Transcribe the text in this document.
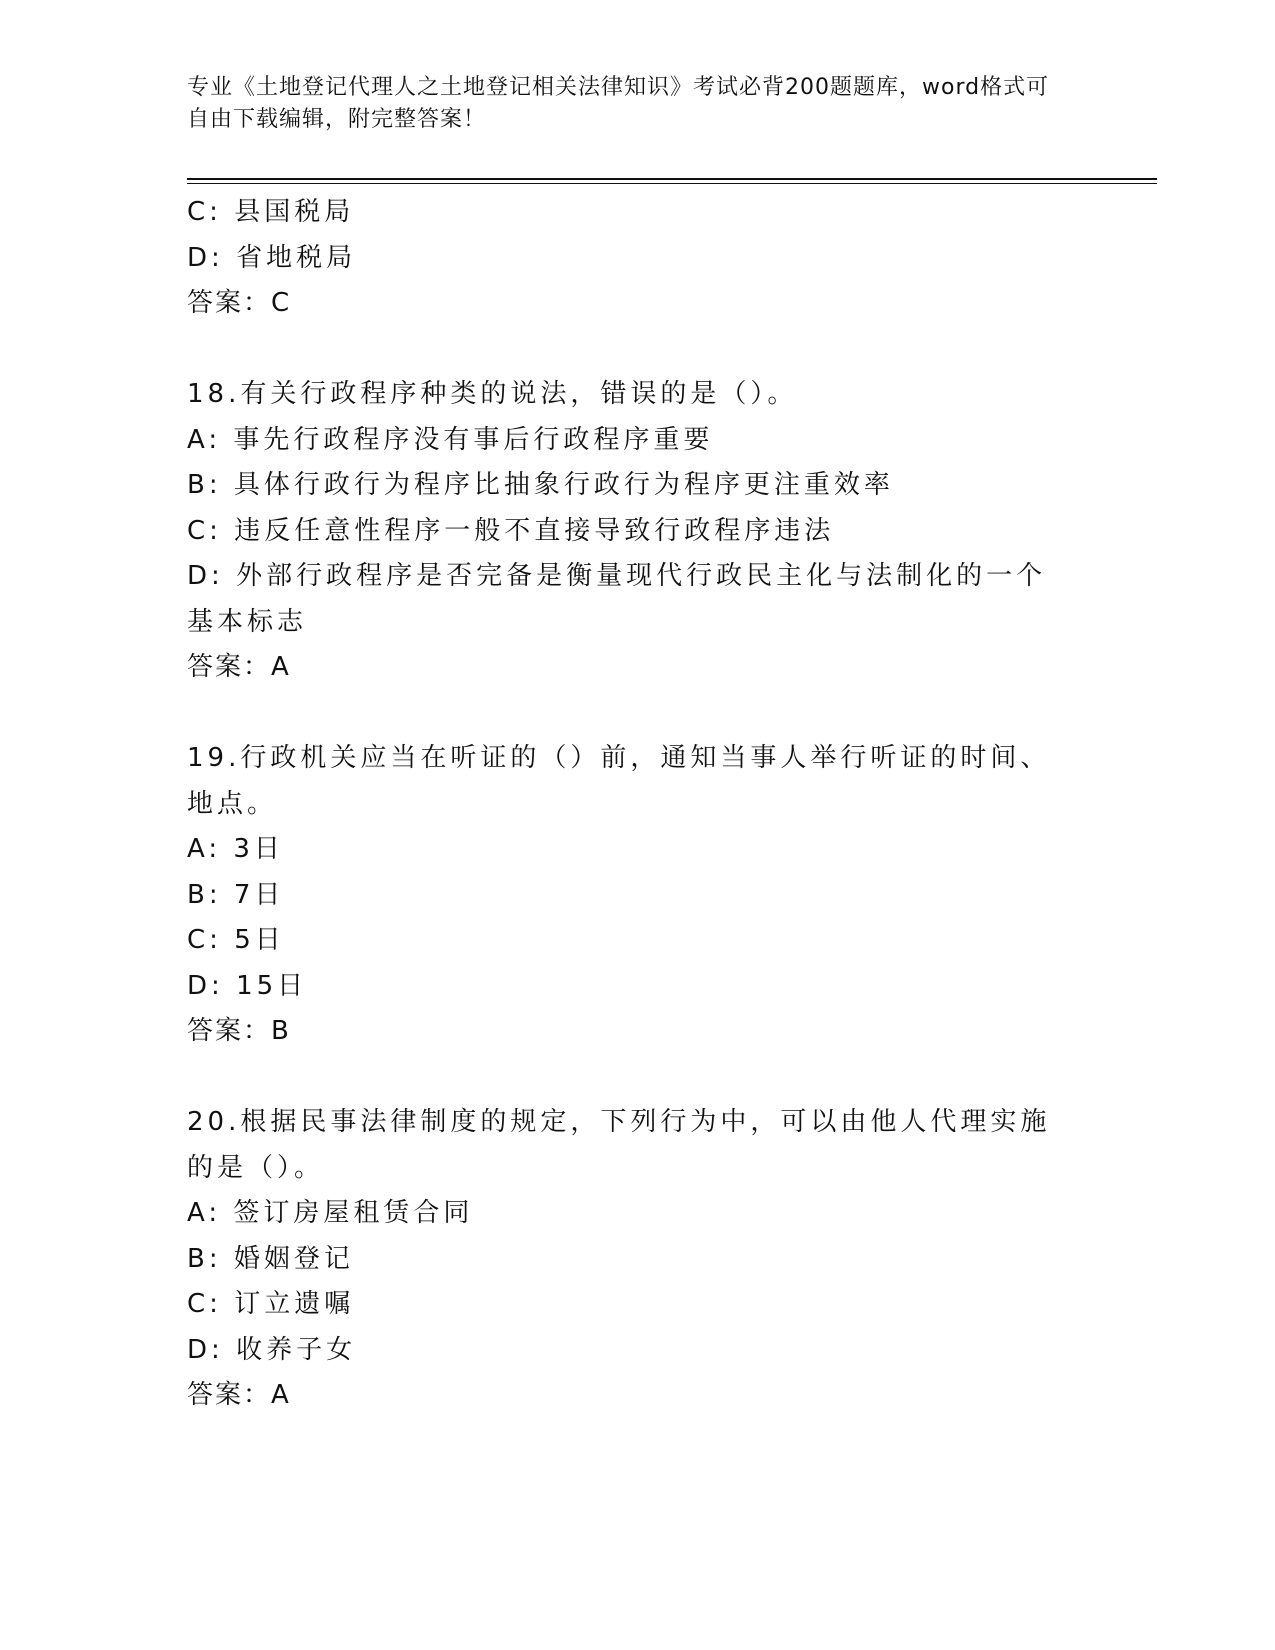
专业《土地登记代理人之土地登记相关法律知识》考试必背200题题库，word格式可自由下载编辑，附完整答案！
C: 县国税局
D: 省地税局
答案：C
18.有关行政程序种类的说法，错误的是（）。
A: 事先行政程序没有事后行政程序重要
B: 具体行政行为程序比抽象行政行为程序更注重效率
C: 违反任意性程序一般不直接导致行政程序违法
D: 外部行政程序是否完备是衡量现代行政民主化与法制化的一个基本标志
答案：A
19.行政机关应当在听证的（）前，通知当事人举行听证的时间、地点。
A: 3日
B: 7日
C: 5日
D: 15日
答案：B
20.根据民事法律制度的规定，下列行为中，可以由他人代理实施的是（）。
A: 签订房屋租赁合同
B: 婚姻登记
C: 订立遗嘱
D: 收养子女
答案：A
